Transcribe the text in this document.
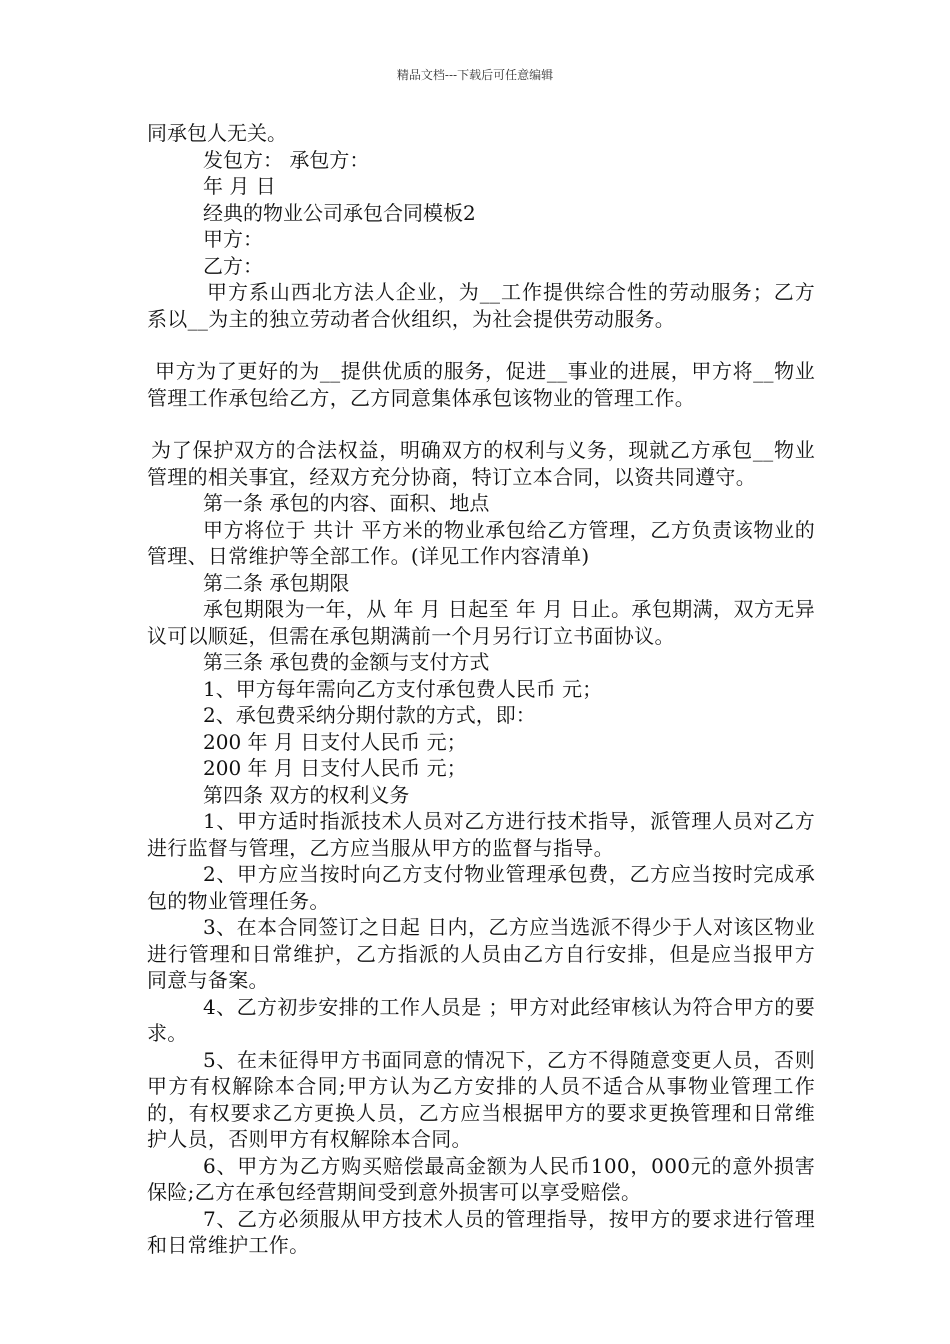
精品文档---下载后可任意编辑

同承包人无关。

发包方： 承包方：

年 月 日

经典的物业公司承包合同模板2

甲方：

乙方：

甲方系山西北方法人企业，为__工作提供综合性的劳动服务；乙方系以__为主的独立劳动者合伙组织，为社会提供劳动服务。

甲方为了更好的为__提供优质的服务，促进__事业的进展，甲方将__物业管理工作承包给乙方，乙方同意集体承包该物业的管理工作。

为了保护双方的合法权益，明确双方的权利与义务，现就乙方承包__物业管理的相关事宜，经双方充分协商，特订立本合同，以资共同遵守。

第一条 承包的内容、面积、地点

甲方将位于 共计 平方米的物业承包给乙方管理，乙方负责该物业的管理、日常维护等全部工作。(详见工作内容清单)

第二条 承包期限

承包期限为一年，从 年 月 日起至 年 月 日止。承包期满，双方无异议可以顺延，但需在承包期满前一个月另行订立书面协议。

第三条 承包费的金额与支付方式

1、甲方每年需向乙方支付承包费人民币 元；

2、承包费采纳分期付款的方式，即：

200 年 月 日支付人民币 元；

200 年 月 日支付人民币 元；

第四条 双方的权利义务

1、甲方适时指派技术人员对乙方进行技术指导，派管理人员对乙方进行监督与管理，乙方应当服从甲方的监督与指导。

2、甲方应当按时向乙方支付物业管理承包费，乙方应当按时完成承包的物业管理任务。

3、在本合同签订之日起 日内，乙方应当选派不得少于人对该区物业进行管理和日常维护，乙方指派的人员由乙方自行安排，但是应当报甲方同意与备案。

4、乙方初步安排的工作人员是 ；甲方对此经审核认为符合甲方的要求。

5、在未征得甲方书面同意的情况下，乙方不得随意变更人员，否则甲方有权解除本合同;甲方认为乙方安排的人员不适合从事物业管理工作的，有权要求乙方更换人员，乙方应当根据甲方的要求更换管理和日常维护人员，否则甲方有权解除本合同。

6、甲方为乙方购买赔偿最高金额为人民币100，000元的意外损害保险;乙方在承包经营期间受到意外损害可以享受赔偿。

7、乙方必须服从甲方技术人员的管理指导，按甲方的要求进行管理和日常维护工作。
